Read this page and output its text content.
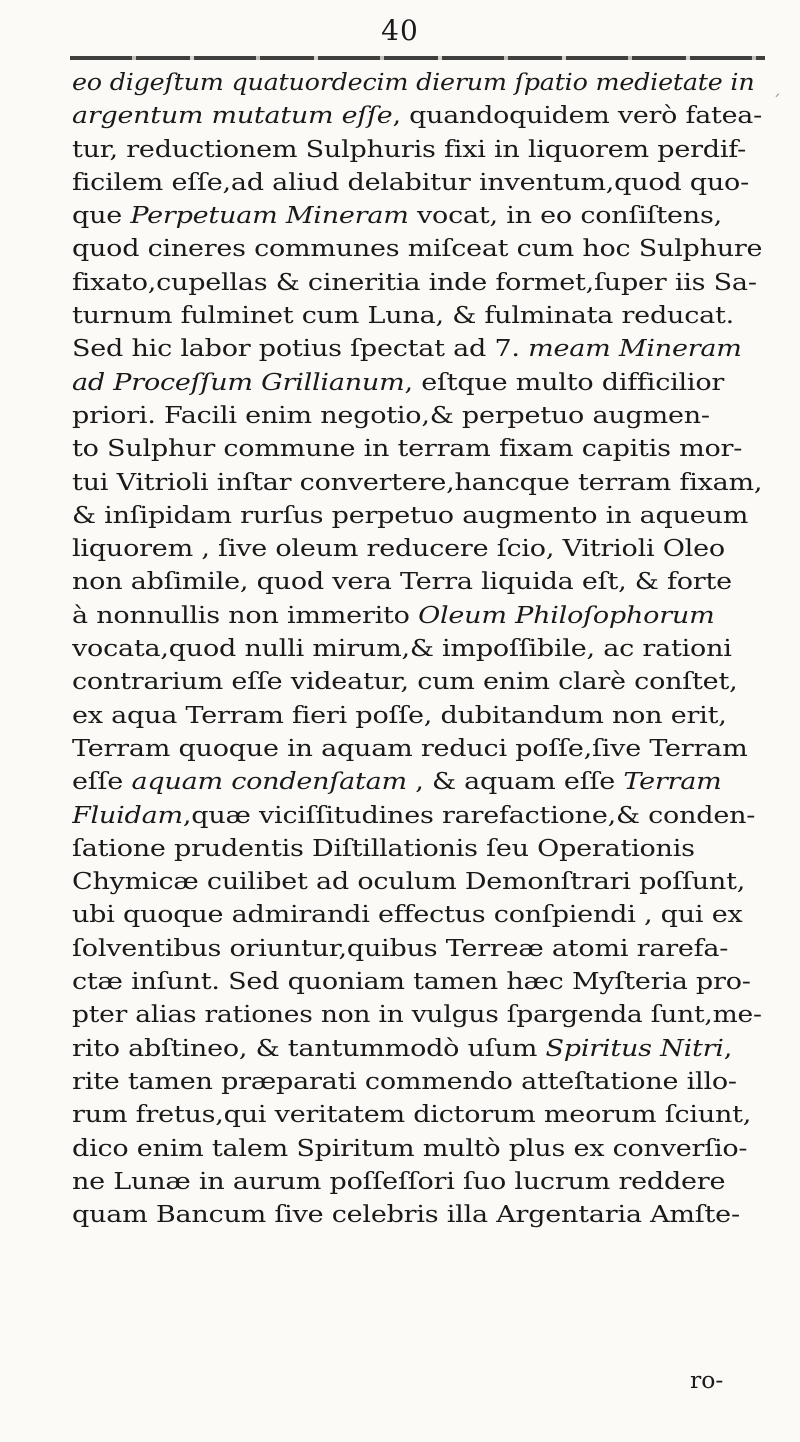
40
eo digeſtum quatuordecim dierum ſpatio medietate in
argentum mutatum eſſe, quandoquidem verò fatea-
tur, reductionem Sulphuris fixi in liquorem perdif-
ficilem eſſe,ad aliud delabitur inventum,quod quo-
que Perpetuam Mineram vocat, in eo conſiſtens,
quod cineres communes miſceat cum hoc Sulphure
fixato,cupellas & cineritia inde formet,ſuper iis Sa-
turnum fulminet cum Luna, & fulminata reducat.
Sed hic labor potius ſpectat ad 7. meam Mineram
ad Proceſſum Grillianum, eſtque multo difficilior
priori. Facili enim negotio,& perpetuo augmen-
to Sulphur commune in terram fixam capitis mor-
tui Vitrioli inſtar convertere,hancque terram fixam,
& inſipidam rurſus perpetuo augmento in aqueum
liquorem , ſive oleum reducere ſcio, Vitrioli Oleo
non abſimile, quod vera Terra liquida eſt, & forte
à nonnullis non immerito Oleum Philoſophorum
vocata,quod nulli mirum,& impoſſibile, ac rationi
contrarium eſſe videatur, cum enim clarè conſtet,
ex aqua Terram fieri poſſe, dubitandum non erit,
Terram quoque in aquam reduci poſſe,ſive Terram
eſſe aquam condenſatam , & aquam eſſe Terram
Fluidam,quæ viciſſitudines rarefactione,& conden-
ſatione prudentis Diſtillationis ſeu Operationis
Chymicæ cuilibet ad oculum Demonſtrari poſſunt,
ubi quoque admirandi effectus conſpiendi , qui ex
ſolventibus oriuntur,quibus Terreæ atomi rarefa-
ctæ inſunt. Sed quoniam tamen hæc Myſteria pro-
pter alias rationes non in vulgus ſpargenda ſunt,me-
rito abſtineo, & tantummodò uſum Spiritus Nitri,
rite tamen præparati commendo atteſtatione illo-
rum fretus,qui veritatem dictorum meorum ſciunt,
dico enim talem Spiritum multò plus ex converſio-
ne Lunæ in aurum poſſeſſori ſuo lucrum reddere
quam Bancum ſive celebris illa Argentaria Amſte-
ro-
ˊ
